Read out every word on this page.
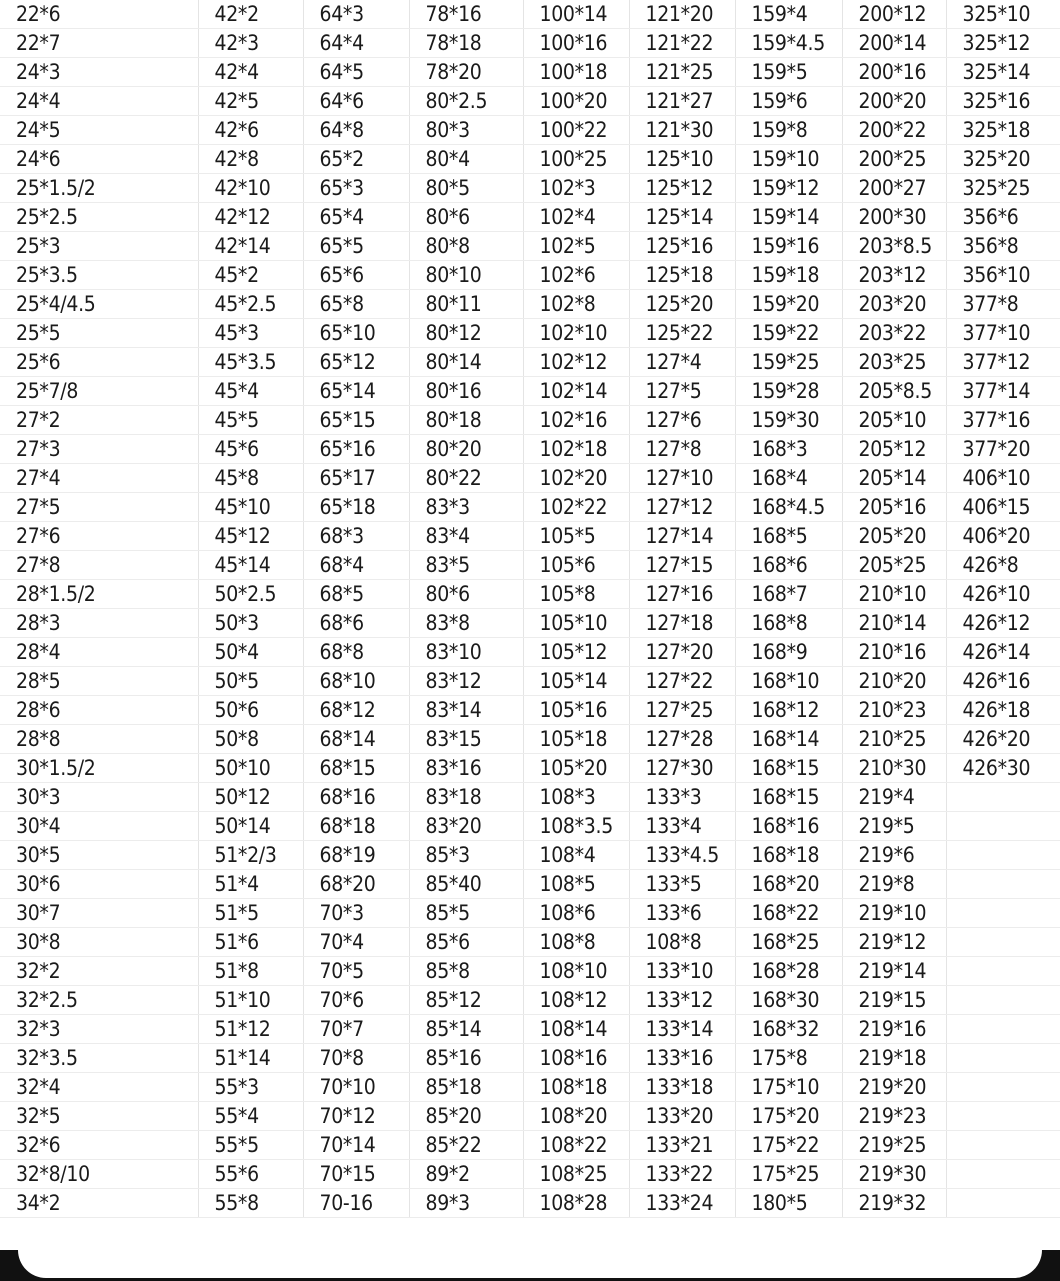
22*6	42*2	64*3	78*16	100*14	121*20	159*4	200*12	325*10
22*7	42*3	64*4	78*18	100*16	121*22	159*4.5	200*14	325*12
24*3	42*4	64*5	78*20	100*18	121*25	159*5	200*16	325*14
24*4	42*5	64*6	80*2.5	100*20	121*27	159*6	200*20	325*16
24*5	42*6	64*8	80*3	100*22	121*30	159*8	200*22	325*18
24*6	42*8	65*2	80*4	100*25	125*10	159*10	200*25	325*20
25*1.5/2	42*10	65*3	80*5	102*3	125*12	159*12	200*27	325*25
25*2.5	42*12	65*4	80*6	102*4	125*14	159*14	200*30	356*6
25*3	42*14	65*5	80*8	102*5	125*16	159*16	203*8.5	356*8
25*3.5	45*2	65*6	80*10	102*6	125*18	159*18	203*12	356*10
25*4/4.5	45*2.5	65*8	80*11	102*8	125*20	159*20	203*20	377*8
25*5	45*3	65*10	80*12	102*10	125*22	159*22	203*22	377*10
25*6	45*3.5	65*12	80*14	102*12	127*4	159*25	203*25	377*12
25*7/8	45*4	65*14	80*16	102*14	127*5	159*28	205*8.5	377*14
27*2	45*5	65*15	80*18	102*16	127*6	159*30	205*10	377*16
27*3	45*6	65*16	80*20	102*18	127*8	168*3	205*12	377*20
27*4	45*8	65*17	80*22	102*20	127*10	168*4	205*14	406*10
27*5	45*10	65*18	83*3	102*22	127*12	168*4.5	205*16	406*15
27*6	45*12	68*3	83*4	105*5	127*14	168*5	205*20	406*20
27*8	45*14	68*4	83*5	105*6	127*15	168*6	205*25	426*8
28*1.5/2	50*2.5	68*5	80*6	105*8	127*16	168*7	210*10	426*10
28*3	50*3	68*6	83*8	105*10	127*18	168*8	210*14	426*12
28*4	50*4	68*8	83*10	105*12	127*20	168*9	210*16	426*14
28*5	50*5	68*10	83*12	105*14	127*22	168*10	210*20	426*16
28*6	50*6	68*12	83*14	105*16	127*25	168*12	210*23	426*18
28*8	50*8	68*14	83*15	105*18	127*28	168*14	210*25	426*20
30*1.5/2	50*10	68*15	83*16	105*20	127*30	168*15	210*30	426*30
30*3	50*12	68*16	83*18	108*3	133*3	168*15	219*4	
30*4	50*14	68*18	83*20	108*3.5	133*4	168*16	219*5	
30*5	51*2/3	68*19	85*3	108*4	133*4.5	168*18	219*6	
30*6	51*4	68*20	85*40	108*5	133*5	168*20	219*8	
30*7	51*5	70*3	85*5	108*6	133*6	168*22	219*10	
30*8	51*6	70*4	85*6	108*8	108*8	168*25	219*12	
32*2	51*8	70*5	85*8	108*10	133*10	168*28	219*14	
32*2.5	51*10	70*6	85*12	108*12	133*12	168*30	219*15	
32*3	51*12	70*7	85*14	108*14	133*14	168*32	219*16	
32*3.5	51*14	70*8	85*16	108*16	133*16	175*8	219*18	
32*4	55*3	70*10	85*18	108*18	133*18	175*10	219*20	
32*5	55*4	70*12	85*20	108*20	133*20	175*20	219*23	
32*6	55*5	70*14	85*22	108*22	133*21	175*22	219*25	
32*8/10	55*6	70*15	89*2	108*25	133*22	175*25	219*30	
34*2	55*8	70-16	89*3	108*28	133*24	180*5	219*32	
